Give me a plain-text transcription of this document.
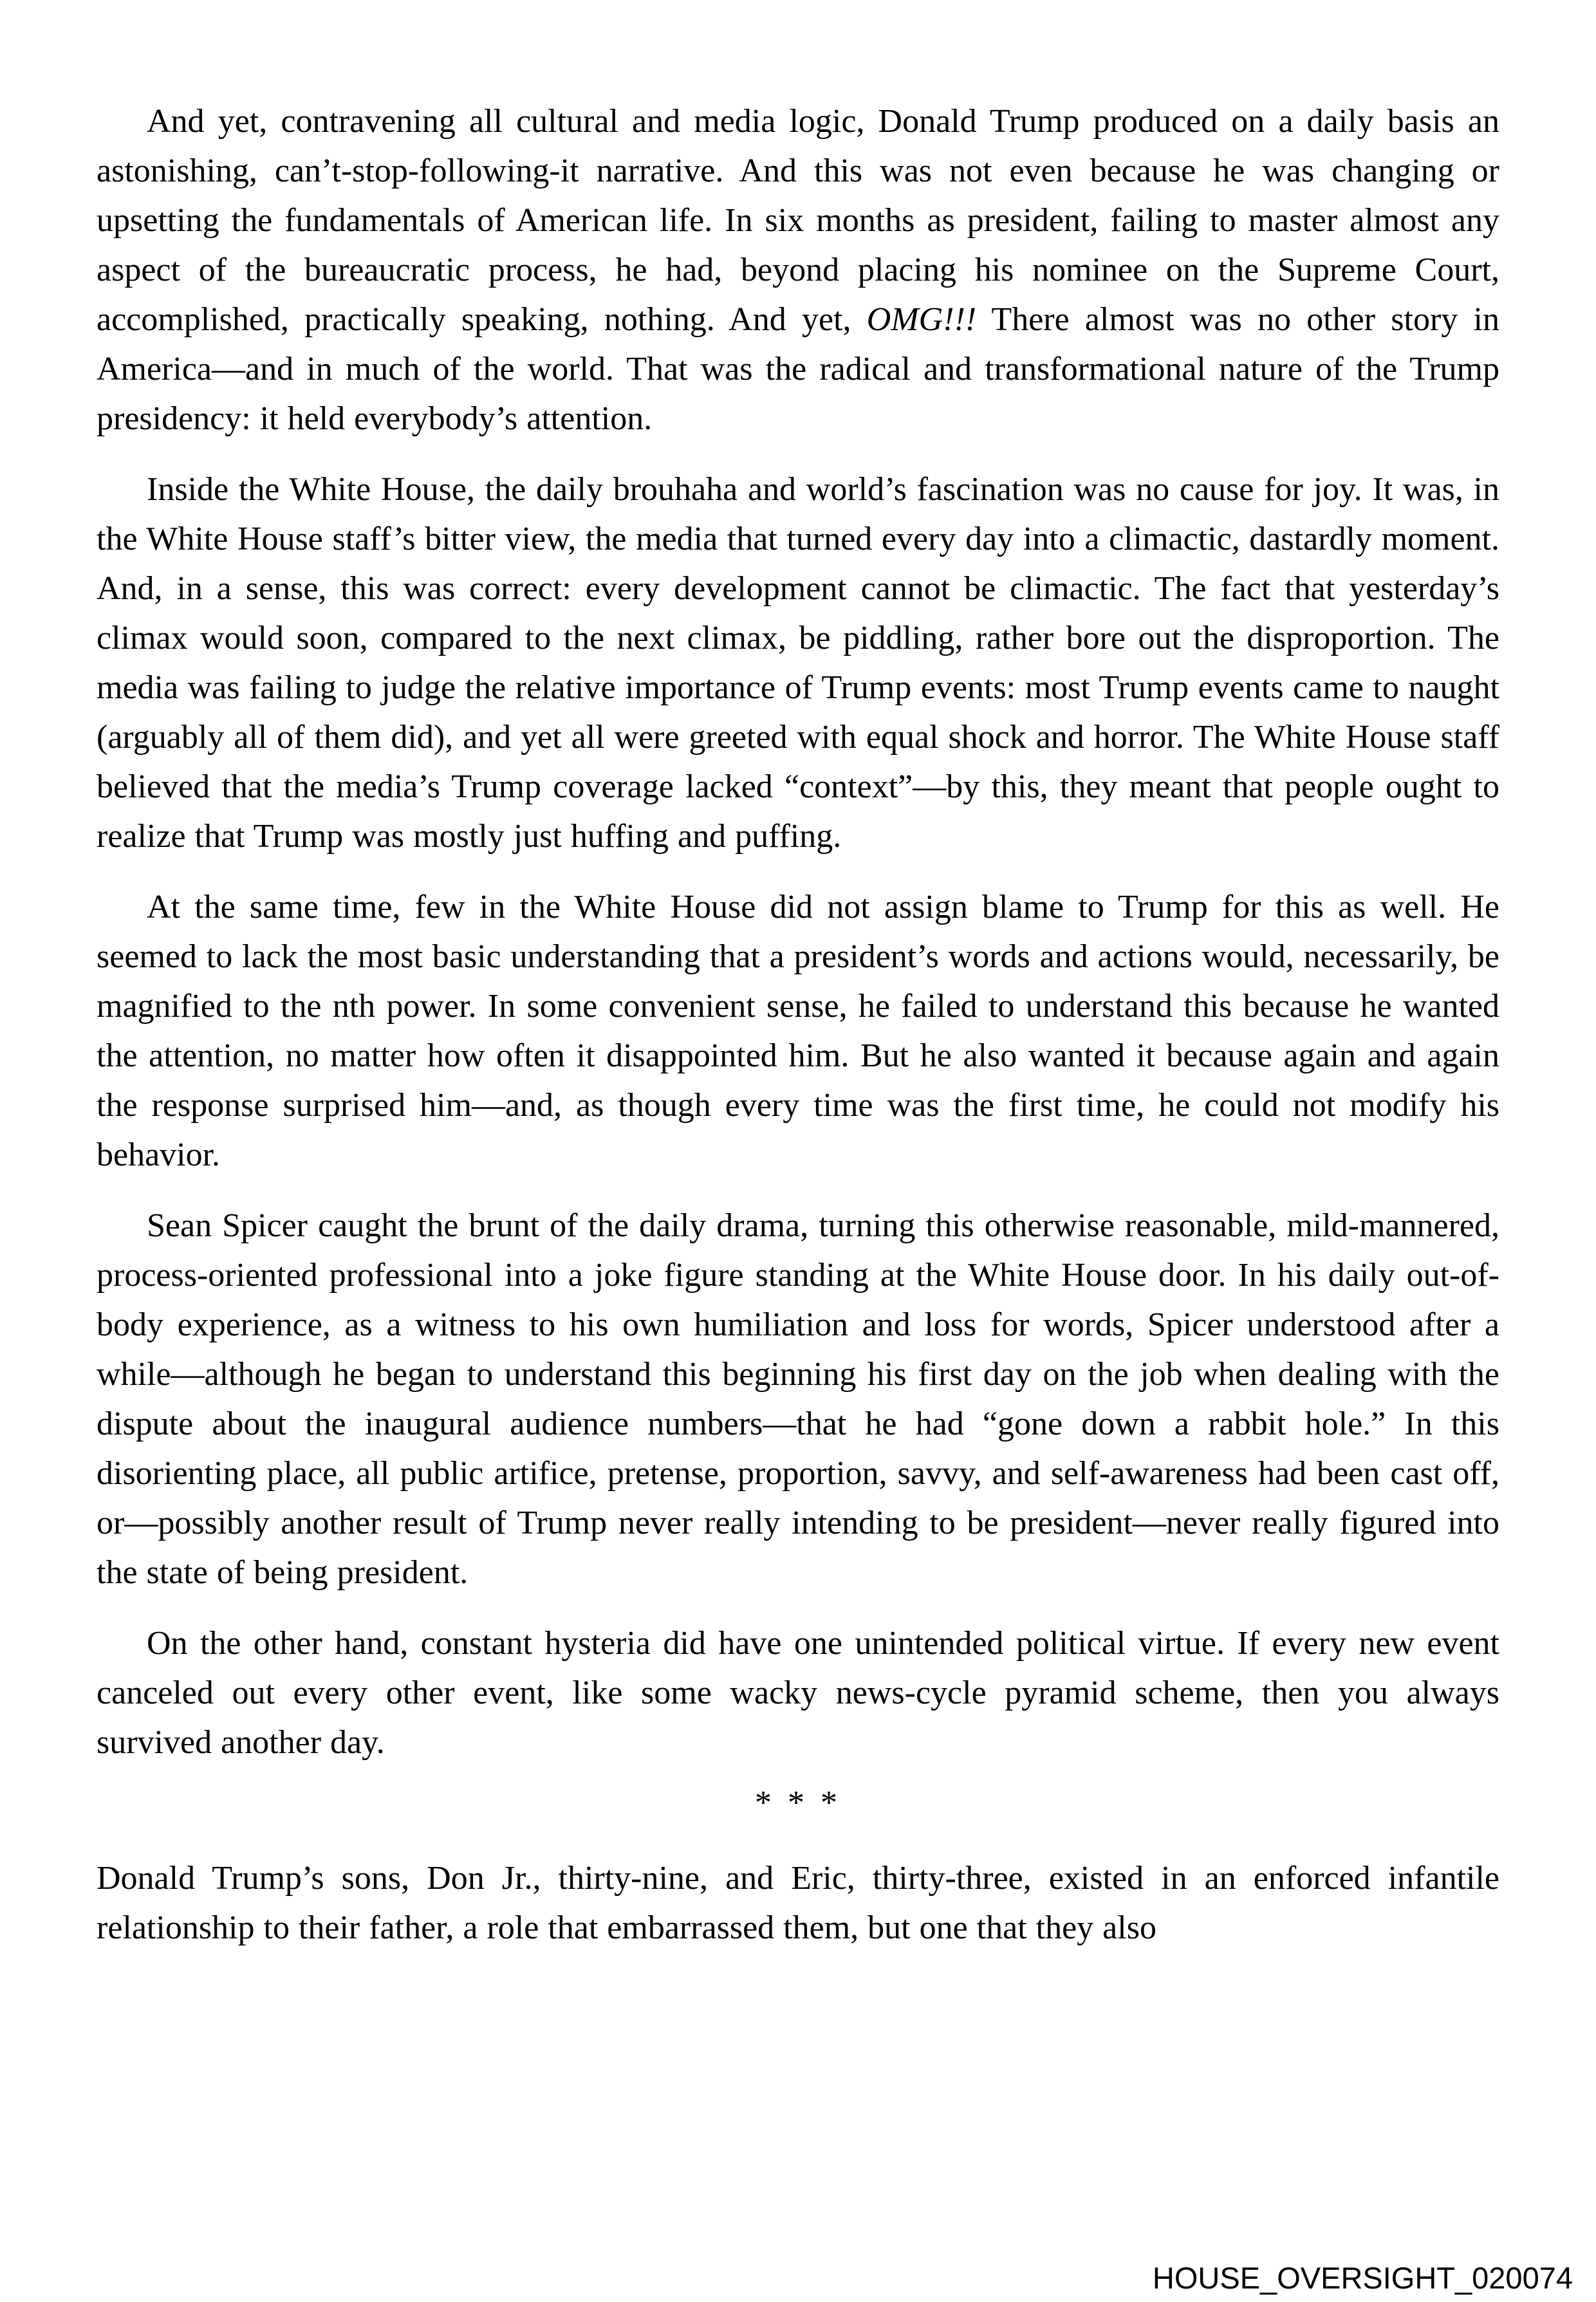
And yet, contravening all cultural and media logic, Donald Trump produced on a daily basis an astonishing, can’t-stop-following-it narrative. And this was not even because he was changing or upsetting the fundamentals of American life. In six months as president, failing to master almost any aspect of the bureaucratic process, he had, beyond placing his nominee on the Supreme Court, accomplished, practically speaking, nothing. And yet, OMG!!! There almost was no other story in America—and in much of the world. That was the radical and transformational nature of the Trump presidency: it held everybody’s attention.

Inside the White House, the daily brouhaha and world’s fascination was no cause for joy. It was, in the White House staff’s bitter view, the media that turned every day into a climactic, dastardly moment. And, in a sense, this was correct: every development cannot be climactic. The fact that yesterday’s climax would soon, compared to the next climax, be piddling, rather bore out the disproportion. The media was failing to judge the relative importance of Trump events: most Trump events came to naught (arguably all of them did), and yet all were greeted with equal shock and horror. The White House staff believed that the media’s Trump coverage lacked “context”—by this, they meant that people ought to realize that Trump was mostly just huffing and puffing.

At the same time, few in the White House did not assign blame to Trump for this as well. He seemed to lack the most basic understanding that a president’s words and actions would, necessarily, be magnified to the nth power. In some convenient sense, he failed to understand this because he wanted the attention, no matter how often it disappointed him. But he also wanted it because again and again the response surprised him—and, as though every time was the first time, he could not modify his behavior.

Sean Spicer caught the brunt of the daily drama, turning this otherwise reasonable, mild-mannered, process-oriented professional into a joke figure standing at the White House door. In his daily out-of-body experience, as a witness to his own humiliation and loss for words, Spicer understood after a while—although he began to understand this beginning his first day on the job when dealing with the dispute about the inaugural audience numbers—that he had “gone down a rabbit hole.” In this disorienting place, all public artifice, pretense, proportion, savvy, and self-awareness had been cast off, or—possibly another result of Trump never really intending to be president—never really figured into the state of being president.

On the other hand, constant hysteria did have one unintended political virtue. If every new event canceled out every other event, like some wacky news-cycle pyramid scheme, then you always survived another day.

* * *

Donald Trump’s sons, Don Jr., thirty-nine, and Eric, thirty-three, existed in an enforced infantile relationship to their father, a role that embarrassed them, but one that they also

HOUSE_OVERSIGHT_020074
